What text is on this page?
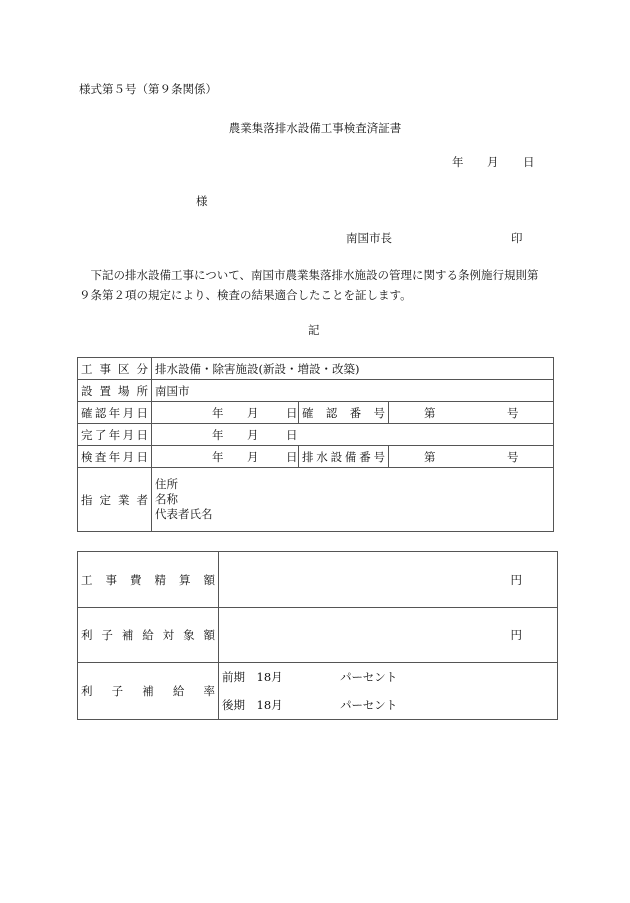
様式第５号（第９条関係）
農業集落排水設備工事検査済証書
年 月 日
様
南国市長	印
　下記の排水設備工事について、南国市農業集落排水施設の管理に関する条例施行規則第
９条第２項の規定により、検査の結果適合したことを証します。
記
工事区分	排水設備・除害施設(新設・増設・改築)		
設置場所	南国市		
確認年月日	年 月 日	確認番号	第 号

完了年月日	年 月 日		

検査年月日	年 月 日	排水設備番号	第 号

指定業者	住所
名称
代表者氏名		
工事費精算額	円
利子補給対象額	円
利子補給率	前期　18月 パーセント
後期　18月 パーセント
